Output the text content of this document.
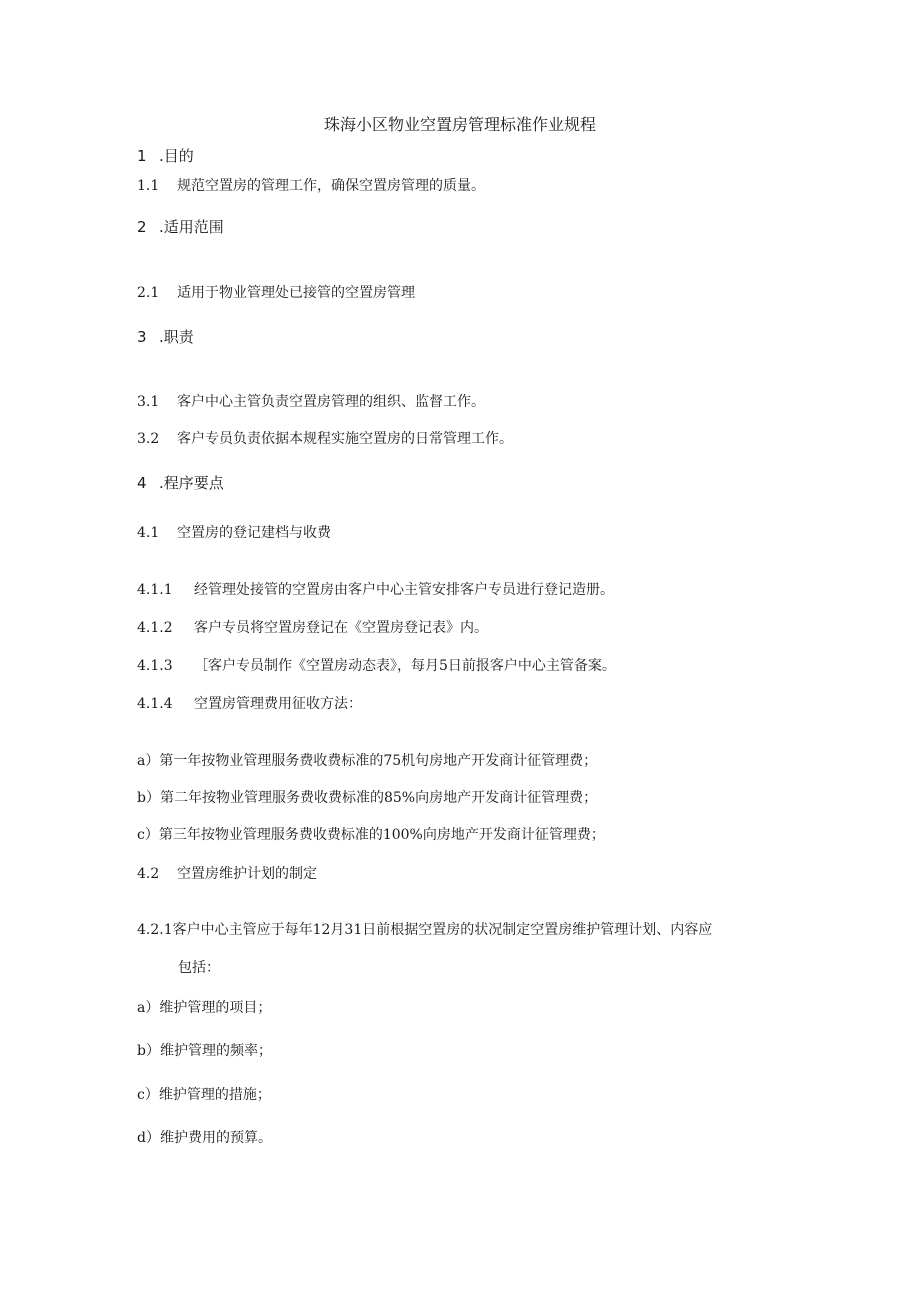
珠海小区物业空置房管理标准作业规程
1 .目的
1.1 规范空置房的管理工作，确保空置房管理的质量。
2 .适用范围
2.1 适用于物业管理处已接管的空置房管理
3 .职责
3.1 客户中心主管负责空置房管理的组织、监督工作。
3.2 客户专员负责依据本规程实施空置房的日常管理工作。
4 .程序要点
4.1 空置房的登记建档与收费
4.1.1 经管理处接管的空置房由客户中心主管安排客户专员进行登记造册。
4.1.2 客户专员将空置房登记在《空置房登记表》内。
4.1.3 ［客户专员制作《空置房动态表》，每月5日前报客户中心主管备案。
4.1.4 空置房管理费用征收方法：
a）第一年按物业管理服务费收费标准的75机句房地产开发商计征管理费；
b）第二年按物业管理服务费收费标准的85%向房地产开发商计征管理费；
c）第三年按物业管理服务费收费标准的100%向房地产开发商计征管理费；
4.2 空置房维护计划的制定
4.2.1客户中心主管应于每年12月31日前根据空置房的状况制定空置房维护管理计划、内容应
包括：
a）维护管理的项目；
b）维护管理的频率；
c）维护管理的措施；
d）维护费用的预算。
